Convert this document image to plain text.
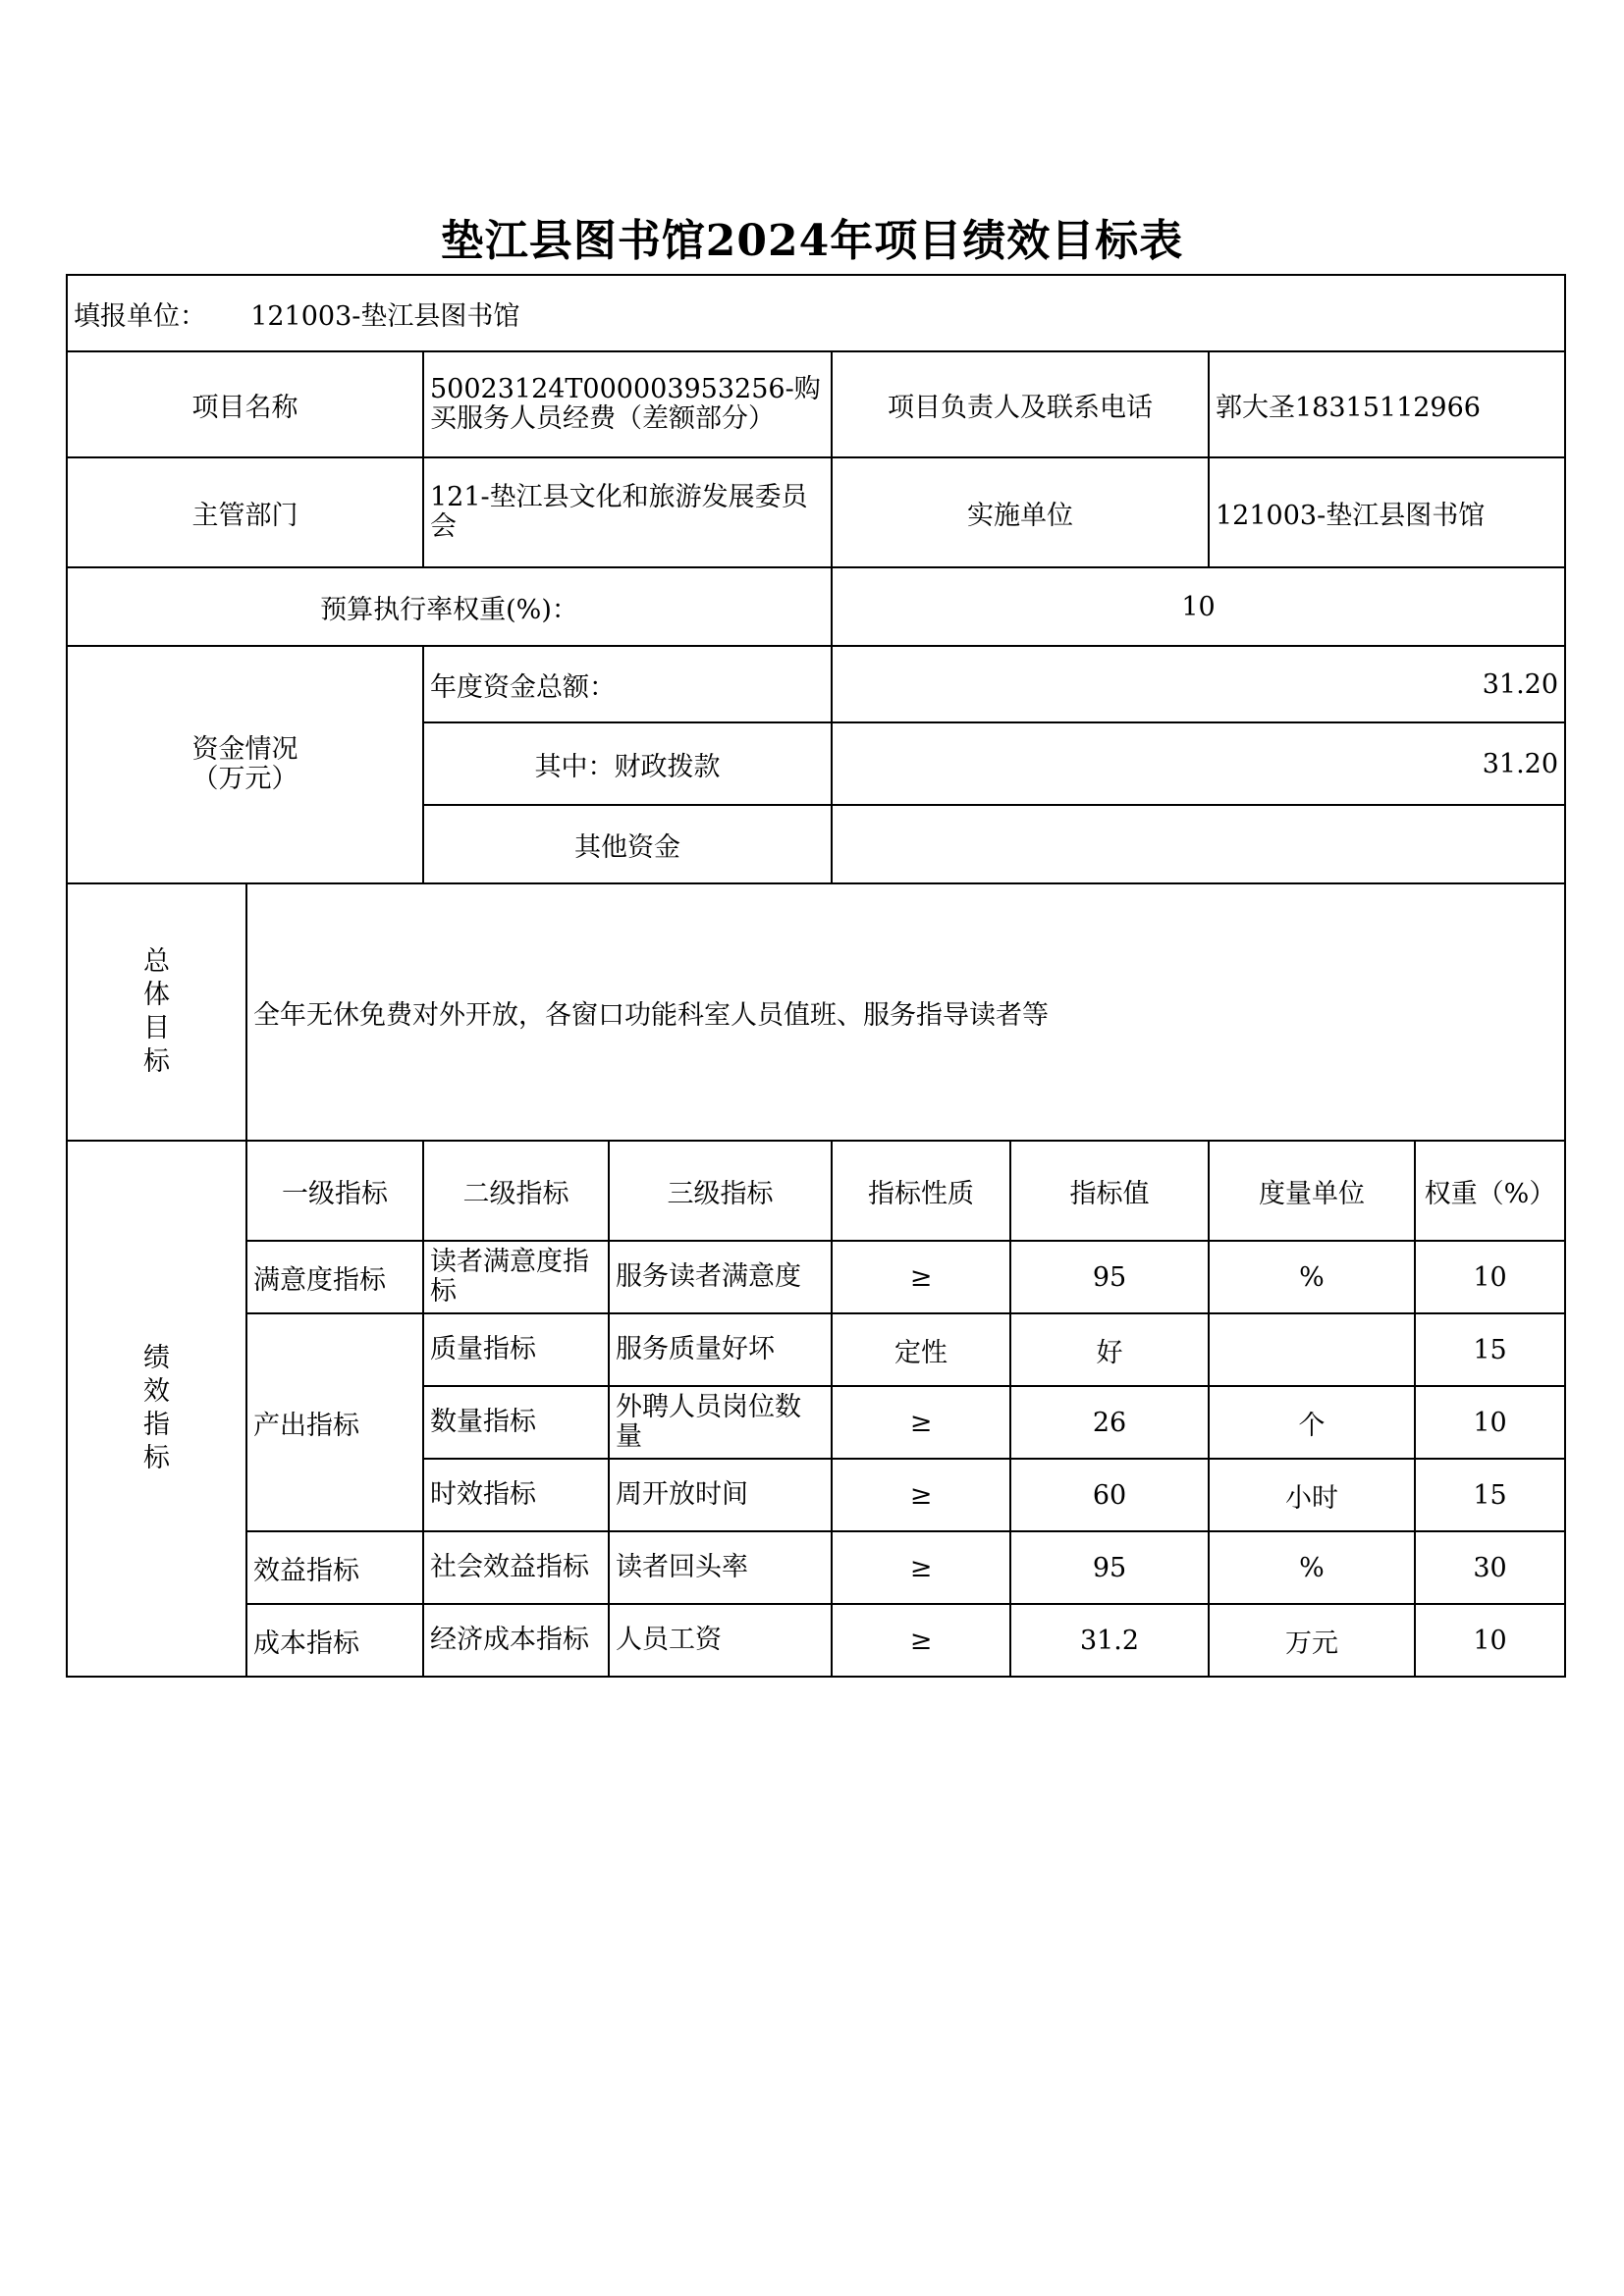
垫江县图书馆2024年项目绩效目标表
填报单位： 121003-垫江县图书馆							
项目名称		50023124T000003953256-购买服务人员经费（差额部分）		项目负责人及联系电话		郭大圣18315112966	
主管部门		121-垫江县文化和旅游发展委员会		实施单位		121003-垫江县图书馆	
预算执行率权重(%)：				10			

资金情况
（万元）		年度资金总额：		31.20			
		其中：财政拨款		31.20			
		其他资金					

总
体
目
标	全年无休免费对外开放，各窗口功能科室人员值班、服务指导读者等						

绩
效
指
标	一级指标	二级指标	三级指标	指标性质	指标值	度量单位	权重（%）
	满意度指标	读者满意度指标	服务读者满意度	≥	95	%	10
	产出指标	质量指标	服务质量好坏	定性	好		15
		数量指标	外聘人员岗位数量	≥	26	个	10
		时效指标	周开放时间	≥	60	小时	15
	效益指标	社会效益指标	读者回头率	≥	95	%	30
	成本指标	经济成本指标	人员工资	≥	31.2	万元	10
